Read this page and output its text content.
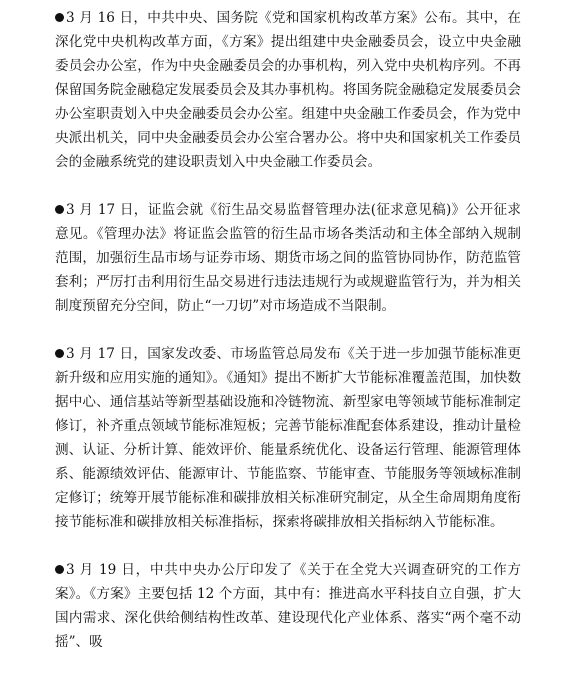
3 月 16 日，中共中央、国务院《党和国家机构改革方案》公布。其中，在深化党中央机构改革方面，《方案》提出组建中央金融委员会，设立中央金融委员会办公室，作为中央金融委员会的办事机构，列入党中央机构序列。不再保留国务院金融稳定发展委员会及其办事机构。将国务院金融稳定发展委员会办公室职责划入中央金融委员会办公室。组建中央金融工作委员会，作为党中央派出机关，同中央金融委员会办公室合署办公。将中央和国家机关工作委员会的金融系统党的建设职责划入中央金融工作委员会。

3 月 17 日，证监会就《衍生品交易监督管理办法(征求意见稿)》公开征求意见。《管理办法》将证监会监管的衍生品市场各类活动和主体全部纳入规制范围，加强衍生品市场与证券市场、期货市场之间的监管协同协作，防范监管套利；严厉打击利用衍生品交易进行违法违规行为或规避监管行为，并为相关制度预留充分空间，防止“一刀切”对市场造成不当限制。

3 月 17 日，国家发改委、市场监管总局发布《关于进一步加强节能标准更新升级和应用实施的通知》。《通知》提出不断扩大节能标准覆盖范围，加快数据中心、通信基站等新型基础设施和冷链物流、新型家电等领域节能标准制定修订，补齐重点领域节能标准短板；完善节能标准配套体系建设，推动计量检测、认证、分析计算、能效评价、能量系统优化、设备运行管理、能源管理体系、能源绩效评估、能源审计、节能监察、节能审查、节能服务等领域标准制定修订；统筹开展节能标准和碳排放相关标准研究制定，从全生命周期角度衔接节能标准和碳排放相关标准指标，探索将碳排放相关指标纳入节能标准。

3 月 19 日，中共中央办公厅印发了《关于在全党大兴调查研究的工作方案》。《方案》主要包括 12 个方面，其中有：推进高水平科技自立自强，扩大国内需求、深化供给侧结构性改革、建设现代化产业体系、落实“两个毫不动摇”、吸
